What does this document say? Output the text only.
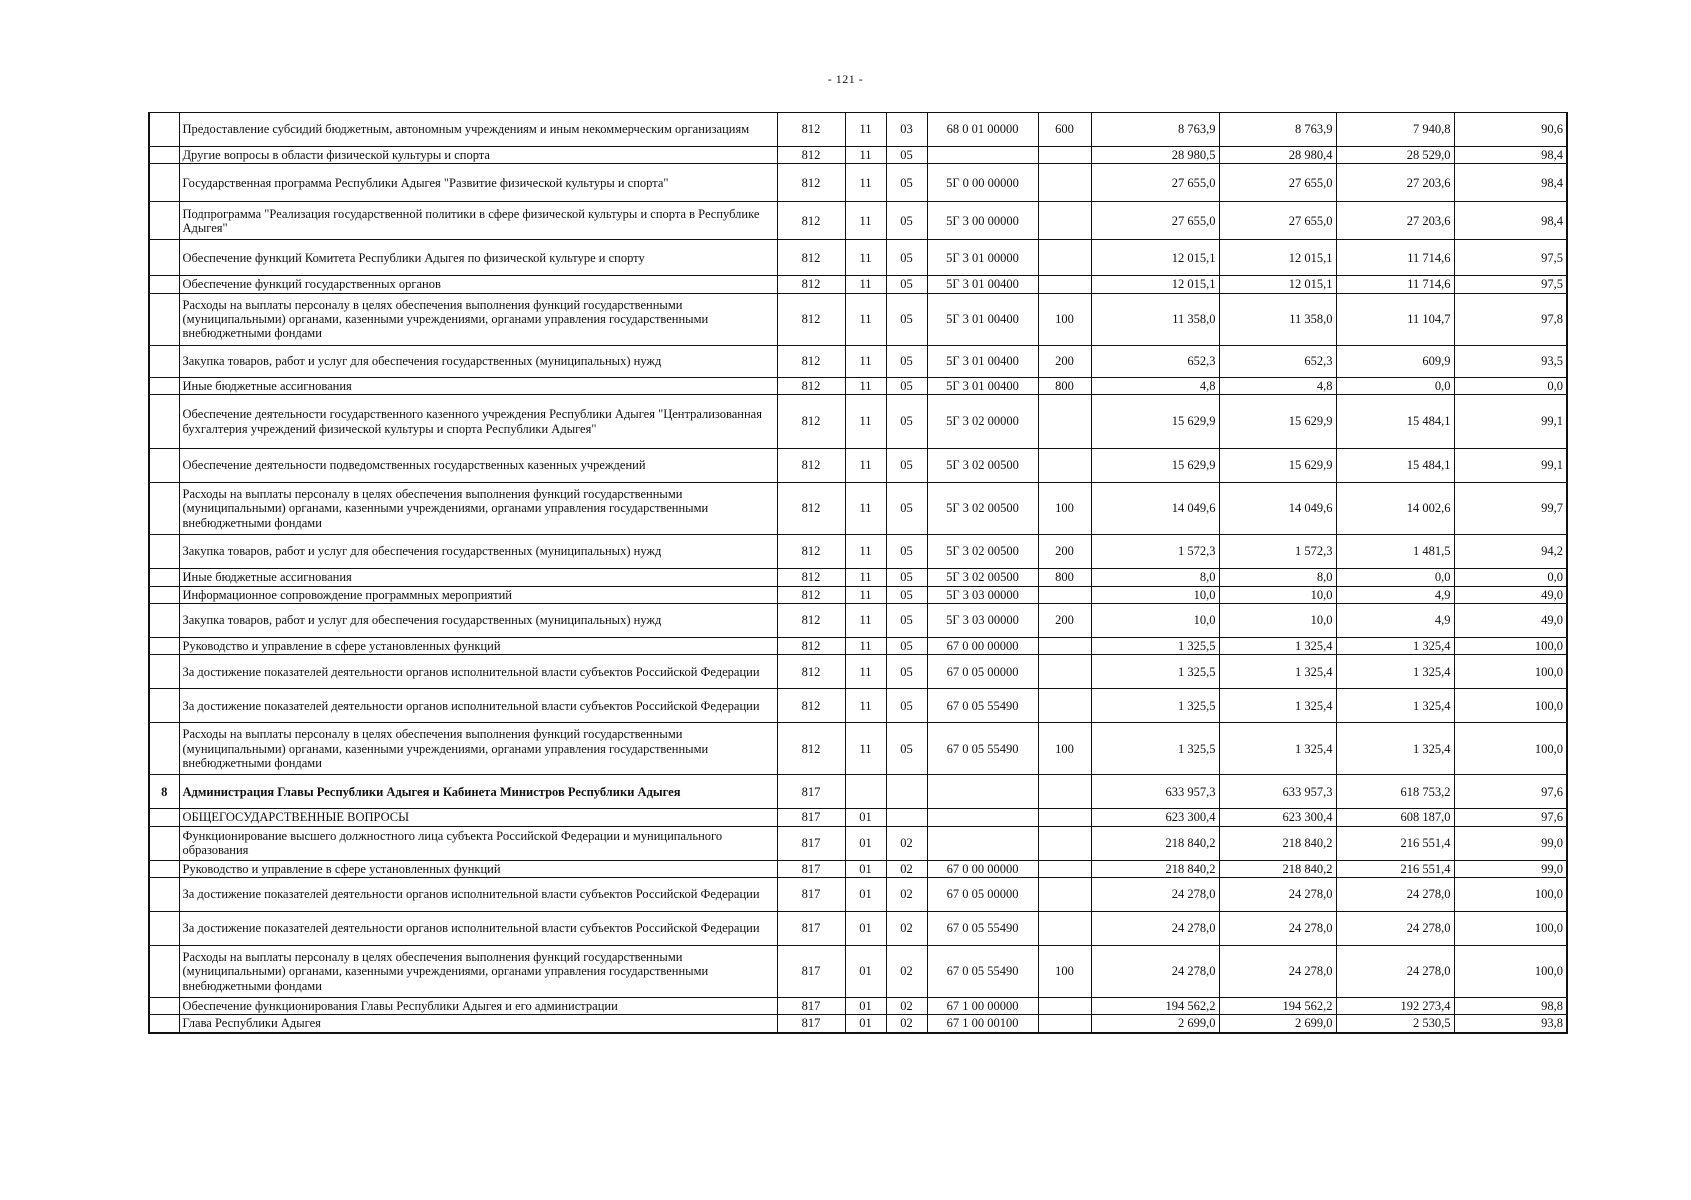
- 121 -
	Предоставление субсидий бюджетным, автономным учреждениям и иным некоммерческим организациям	812	11	03	68 0 01 00000	600	8 763,9	8 763,9	7 940,8	90,6
	Другие вопросы в области физической культуры и спорта	812	11	05			28 980,5	28 980,4	28 529,0	98,4
	Государственная программа Республики Адыгея "Развитие физической культуры и спорта"	812	11	05	5Г 0 00 00000		27 655,0	27 655,0	27 203,6	98,4
	Подпрограмма "Реализация государственной политики в сфере физической культуры и спорта в Республике Адыгея"	812	11	05	5Г 3 00 00000		27 655,0	27 655,0	27 203,6	98,4
	Обеспечение функций Комитета Республики Адыгея по физической культуре и спорту	812	11	05	5Г 3 01 00000		12 015,1	12 015,1	11 714,6	97,5
	Обеспечение функций государственных органов	812	11	05	5Г 3 01 00400		12 015,1	12 015,1	11 714,6	97,5
	Расходы на выплаты персоналу в целях обеспечения выполнения функций государственными (муниципальными) органами, казенными учреждениями, органами управления государственными внебюджетными фондами	812	11	05	5Г 3 01 00400	100	11 358,0	11 358,0	11 104,7	97,8
	Закупка товаров, работ и услуг для обеспечения государственных (муниципальных) нужд	812	11	05	5Г 3 01 00400	200	652,3	652,3	609,9	93,5
	Иные бюджетные ассигнования	812	11	05	5Г 3 01 00400	800	4,8	4,8	0,0	0,0
	Обеспечение деятельности государственного казенного учреждения Республики Адыгея "Централизованная бухгалтерия учреждений физической культуры и спорта Республики Адыгея"	812	11	05	5Г 3 02 00000		15 629,9	15 629,9	15 484,1	99,1
	Обеспечение деятельности подведомственных государственных казенных учреждений	812	11	05	5Г 3 02 00500		15 629,9	15 629,9	15 484,1	99,1
	Расходы на выплаты персоналу в целях обеспечения выполнения функций государственными (муниципальными) органами, казенными учреждениями, органами управления государственными внебюджетными фондами	812	11	05	5Г 3 02 00500	100	14 049,6	14 049,6	14 002,6	99,7
	Закупка товаров, работ и услуг для обеспечения государственных (муниципальных) нужд	812	11	05	5Г 3 02 00500	200	1 572,3	1 572,3	1 481,5	94,2
	Иные бюджетные ассигнования	812	11	05	5Г 3 02 00500	800	8,0	8,0	0,0	0,0
	Информационное сопровождение программных мероприятий	812	11	05	5Г 3 03 00000		10,0	10,0	4,9	49,0
	Закупка товаров, работ и услуг для обеспечения государственных (муниципальных) нужд	812	11	05	5Г 3 03 00000	200	10,0	10,0	4,9	49,0
	Руководство и управление в сфере установленных функций	812	11	05	67 0 00 00000		1 325,5	1 325,4	1 325,4	100,0
	За достижение показателей деятельности органов исполнительной власти субъектов Российской Федерации	812	11	05	67 0 05 00000		1 325,5	1 325,4	1 325,4	100,0
	За достижение показателей деятельности органов исполнительной власти субъектов Российской Федерации	812	11	05	67 0 05 55490		1 325,5	1 325,4	1 325,4	100,0
	Расходы на выплаты персоналу в целях обеспечения выполнения функций государственными (муниципальными) органами, казенными учреждениями, органами управления государственными внебюджетными фондами	812	11	05	67 0 05 55490	100	1 325,5	1 325,4	1 325,4	100,0
8	Администрация Главы Республики Адыгея и Кабинета Министров Республики Адыгея	817					633 957,3	633 957,3	618 753,2	97,6
	ОБЩЕГОСУДАРСТВЕННЫЕ ВОПРОСЫ	817	01				623 300,4	623 300,4	608 187,0	97,6
	Функционирование высшего должностного лица субъекта Российской Федерации и муниципального образования	817	01	02			218 840,2	218 840,2	216 551,4	99,0
	Руководство и управление в сфере установленных функций	817	01	02	67 0 00 00000		218 840,2	218 840,2	216 551,4	99,0
	За достижение показателей деятельности органов исполнительной власти субъектов Российской Федерации	817	01	02	67 0 05 00000		24 278,0	24 278,0	24 278,0	100,0
	За достижение показателей деятельности органов исполнительной власти субъектов Российской Федерации	817	01	02	67 0 05 55490		24 278,0	24 278,0	24 278,0	100,0
	Расходы на выплаты персоналу в целях обеспечения выполнения функций государственными (муниципальными) органами, казенными учреждениями, органами управления государственными внебюджетными фондами	817	01	02	67 0 05 55490	100	24 278,0	24 278,0	24 278,0	100,0
	Обеспечение функционирования Главы Республики Адыгея и его администрации	817	01	02	67 1 00 00000		194 562,2	194 562,2	192 273,4	98,8
	Глава Республики Адыгея	817	01	02	67 1 00 00100		2 699,0	2 699,0	2 530,5	93,8
